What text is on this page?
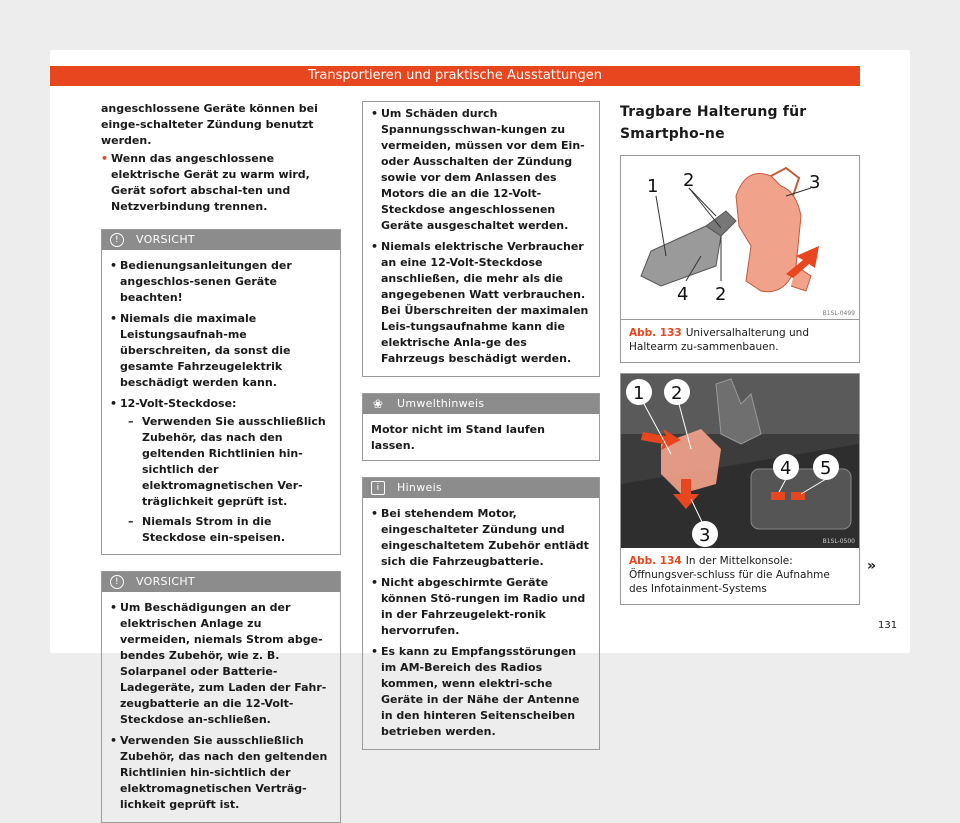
Transportieren und praktische Ausstattungen

angeschlossene Geräte können bei einge-schalteter Zündung benutzt werden.

• Wenn das angeschlossene elektrische Gerät zu warm wird, Gerät sofort abschal-ten und Netzverbindung trennen.
!	VORSICHT
• Bedienungsanleitungen der angeschlos-senen Geräte beachten!
• Niemals die maximale Leistungsaufnah-me überschreiten, da sonst die gesamte Fahrzeugelektrik beschädigt werden kann.
• 12-Volt-Steckdose:
– Verwenden Sie ausschließlich Zubehör, das nach den geltenden Richtlinien hin-sichtlich der elektromagnetischen Ver-träglichkeit geprüft ist.
– Niemals Strom in die Steckdose ein-speisen.
!	VORSICHT
• Um Beschädigungen an der elektrischen Anlage zu vermeiden, niemals Strom abge-bendes Zubehör, wie z. B. Solarpanel oder Batterie-Ladegeräte, zum Laden der Fahr-zeugbatterie an die 12-Volt-Steckdose an-schließen.
• Verwenden Sie ausschließlich Zubehör, das nach den geltenden Richtlinien hin-sichtlich der elektromagnetischen Verträg-lichkeit geprüft ist.
• Um Schäden durch Spannungsschwan-kungen zu vermeiden, müssen vor dem Ein-oder Ausschalten der Zündung sowie vor dem Anlassen des Motors die an die 12-Volt-Steckdose angeschlossenen Geräte ausgeschaltet werden.
• Niemals elektrische Verbraucher an eine 12-Volt-Steckdose anschließen, die mehr als die angegebenen Watt verbrauchen. Bei Überschreiten der maximalen Leis-tungsaufnahme kann die elektrische Anla-ge des Fahrzeugs beschädigt werden.
❀ Umwelthinweis

Motor nicht im Stand laufen lassen.

i	Hinweis
• Bei stehendem Motor, eingeschalteter Zündung und eingeschaltetem Zubehör entlädt sich die Fahrzeugbatterie.
• Nicht abgeschirmte Geräte können Stö-rungen im Radio und in der Fahrzeugelekt-ronik hervorrufen.
• Es kann zu Empfangsstörungen im AM-Bereich des Radios kommen, wenn elektri-sche Geräte in der Nähe der Antenne in den hinteren Seitenscheiben betrieben werden.
Tragbare Halterung für Smartpho-ne
1 2	3
4 2
B1SL-0499
Abb. 133 Universalhalterung und Haltearm zu-sammenbauen.
1 2
4 5
3	B1SL-0500
Abb. 134 In der Mittelkonsole: Öffnungsver-schluss für die Aufnahme des Infotainment-Systems
»
131
